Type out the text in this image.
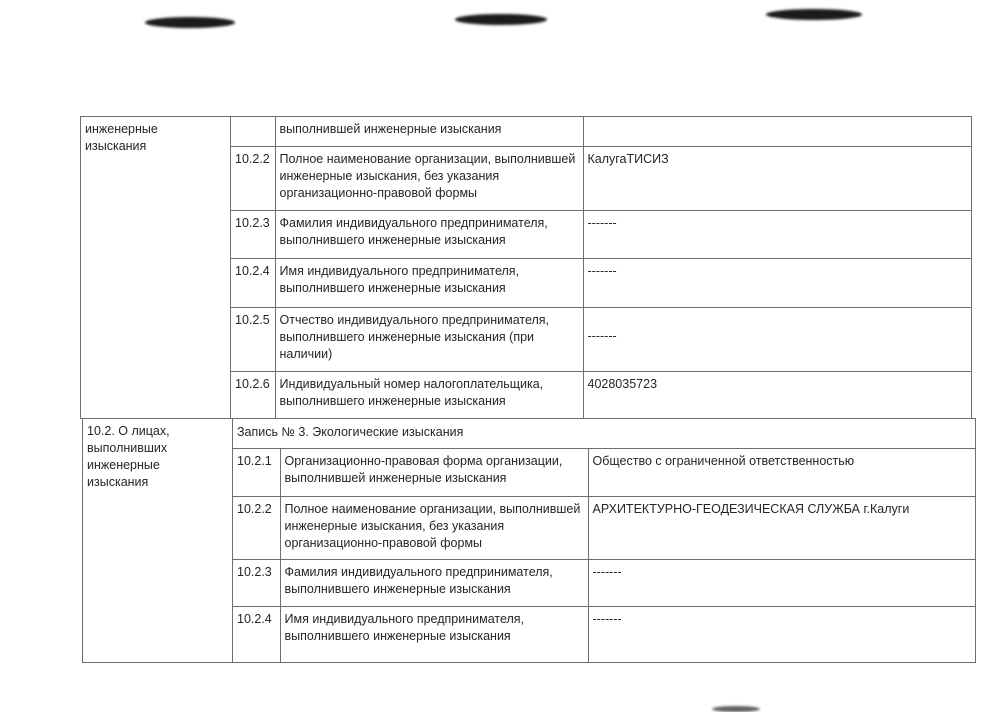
инженерные изыскания

	выполнившей инженерные изыскания	
10.2.2	Полное наименование организации, выполнившей инженерные изыскания, без указания организационно-правовой формы	КалугаТИСИЗ
10.2.3	Фамилия индивидуального предпринимателя, выполнившего инженерные изыскания	-------
10.2.4	Имя индивидуального предпринимателя, выполнившего инженерные изыскания	-------
10.2.5	Отчество индивидуального предпринимателя, выполнившего инженерные изыскания (при наличии)	-------
10.2.6	Индивидуальный номер налогоплательщика, выполнившего инженерные изыскания	4028035723
10.2. О лицах, выполнивших инженерные изыскания

Запись № 3. Экологические изыскания
10.2.1	Организационно-правовая форма организации, выполнившей инженерные изыскания	Общество с ограниченной ответственностью
10.2.2	Полное наименование организации, выполнившей инженерные изыскания, без указания организационно-правовой формы	АРХИТЕКТУРНО-ГЕОДЕЗИЧЕСКАЯ СЛУЖБА г.Калуги
10.2.3	Фамилия индивидуального предпринимателя, выполнившего инженерные изыскания	-------
10.2.4	Имя индивидуального предпринимателя, выполнившего инженерные изыскания	-------
